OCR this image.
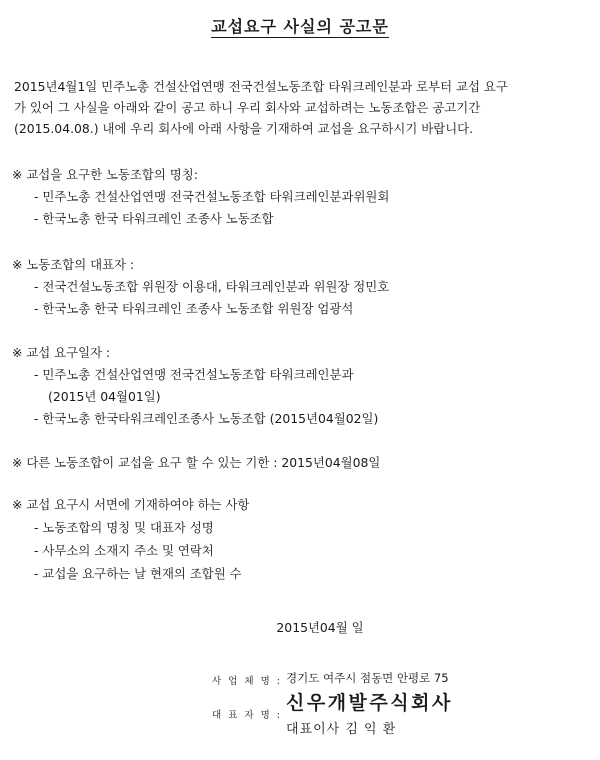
교섭요구 사실의 공고문
2015년4월1일 민주노총 건설산업연맹 전국건설노동조합 타워크레인분과 로부터 교섭 요구
가 있어 그 사실을 아래와 같이 공고 하니 우리 회사와 교섭하려는 노동조합은 공고기간
(2015.04.08.) 내에 우리 회사에 아래 사항을 기재하여 교섭을 요구하시기 바랍니다.
※ 교섭을 요구한 노동조합의 명칭:
- 민주노총 건설산업연맹 전국건설노동조합 타워크레인분과위원회
- 한국노총 한국 타워크레인 조종사 노동조합
※ 노동조합의 대표자 :
- 전국건설노동조합 위원장 이용대, 타워크레인분과 위원장 정민호
- 한국노총 한국 타워크레인 조종사 노동조합 위원장 엄광석
※ 교섭 요구일자 :
- 민주노총 건설산업연맹 전국건설노동조합 타워크레인분과
(2015년 04월01일)
- 한국노총 한국타워크레인조종사 노동조합 (2015년04월02일)
※ 다른 노동조합이 교섭을 요구 할 수 있는 기한 : 2015년04월08일
※ 교섭 요구시 서면에 기재하여야 하는 사항
- 노동조합의 명칭 및 대표자 성명
- 사무소의 소재지 주소 및 연락처
- 교섭을 요구하는 날 현재의 조합원 수
2015년04월 일
사 업 체 명 : 경기도 여주시 점동면 안평로 75
신우개발주식회사
대 표 자 명 :
대표이사 김 익 환
